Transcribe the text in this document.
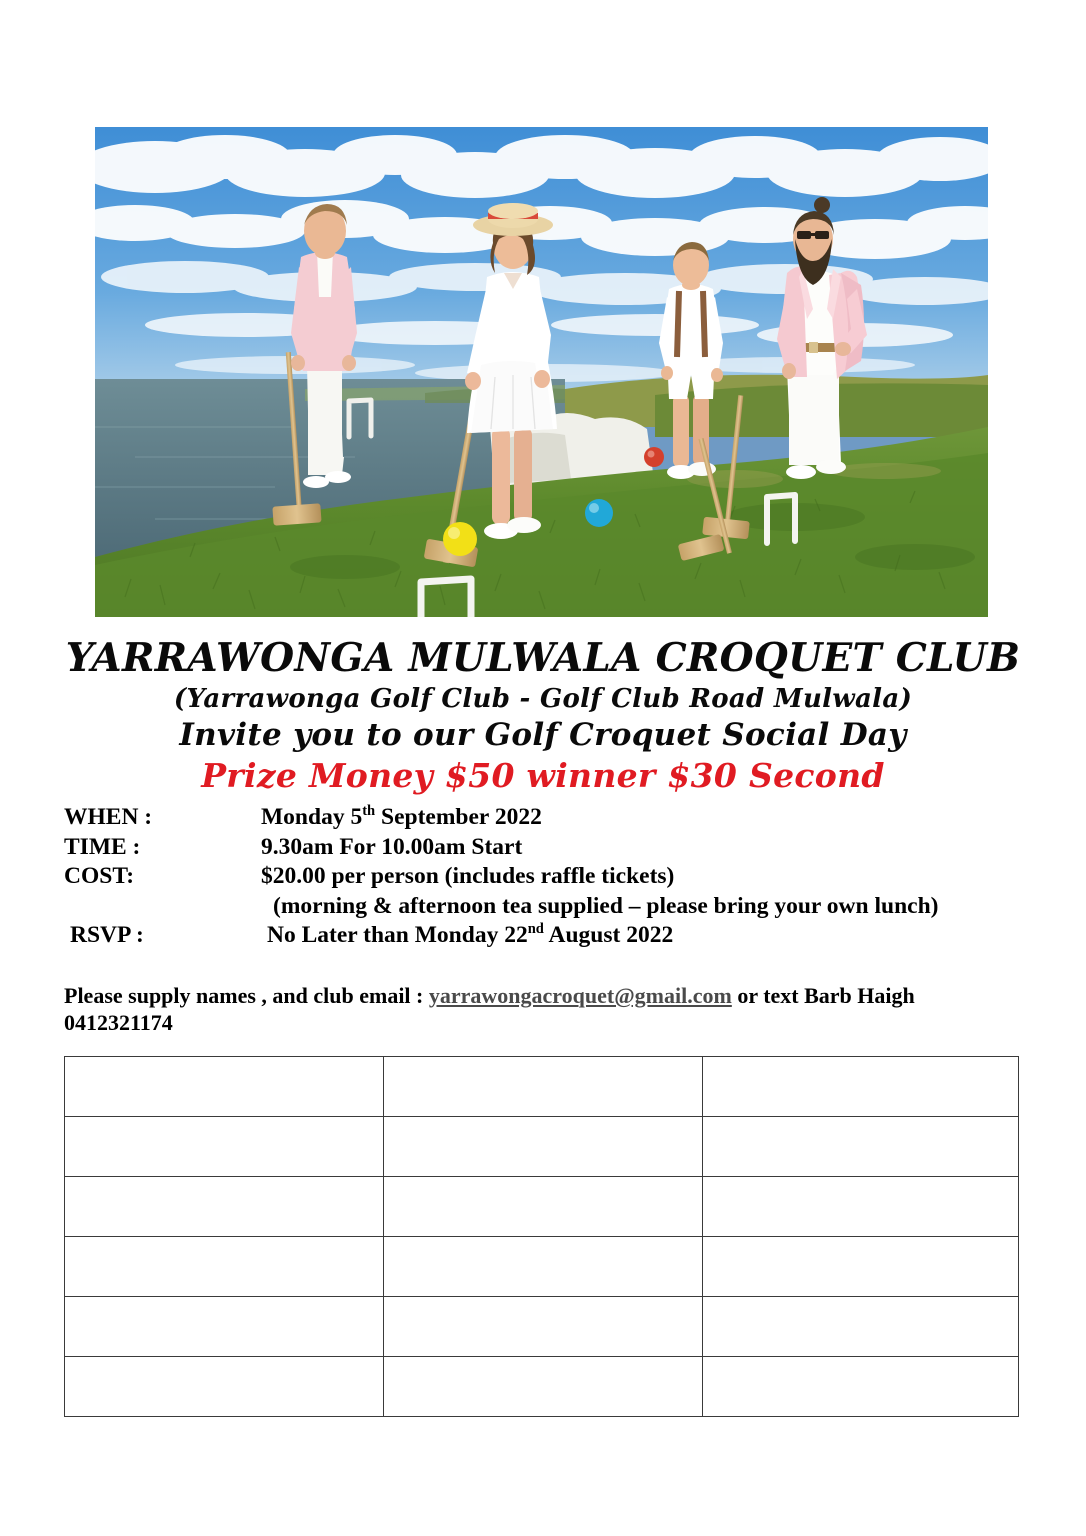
YARRAWONGA MULWALA CROQUET CLUB
(Yarrawonga Golf Club - Golf Club Road Mulwala)
Invite you to our Golf Croquet Social Day
Prize Money $50 winner $30 Second
WHEN :	Monday 5th September 2022
TIME :	9.30am For 10.00am Start
COST:	$20.00 per person (includes raffle tickets)
(morning & afternoon tea supplied – please bring your own lunch)
RSVP :	No Later than Monday 22nd August 2022
Please supply names , and club email : yarrawongacroquet@gmail.com or text Barb Haigh 0412321174
